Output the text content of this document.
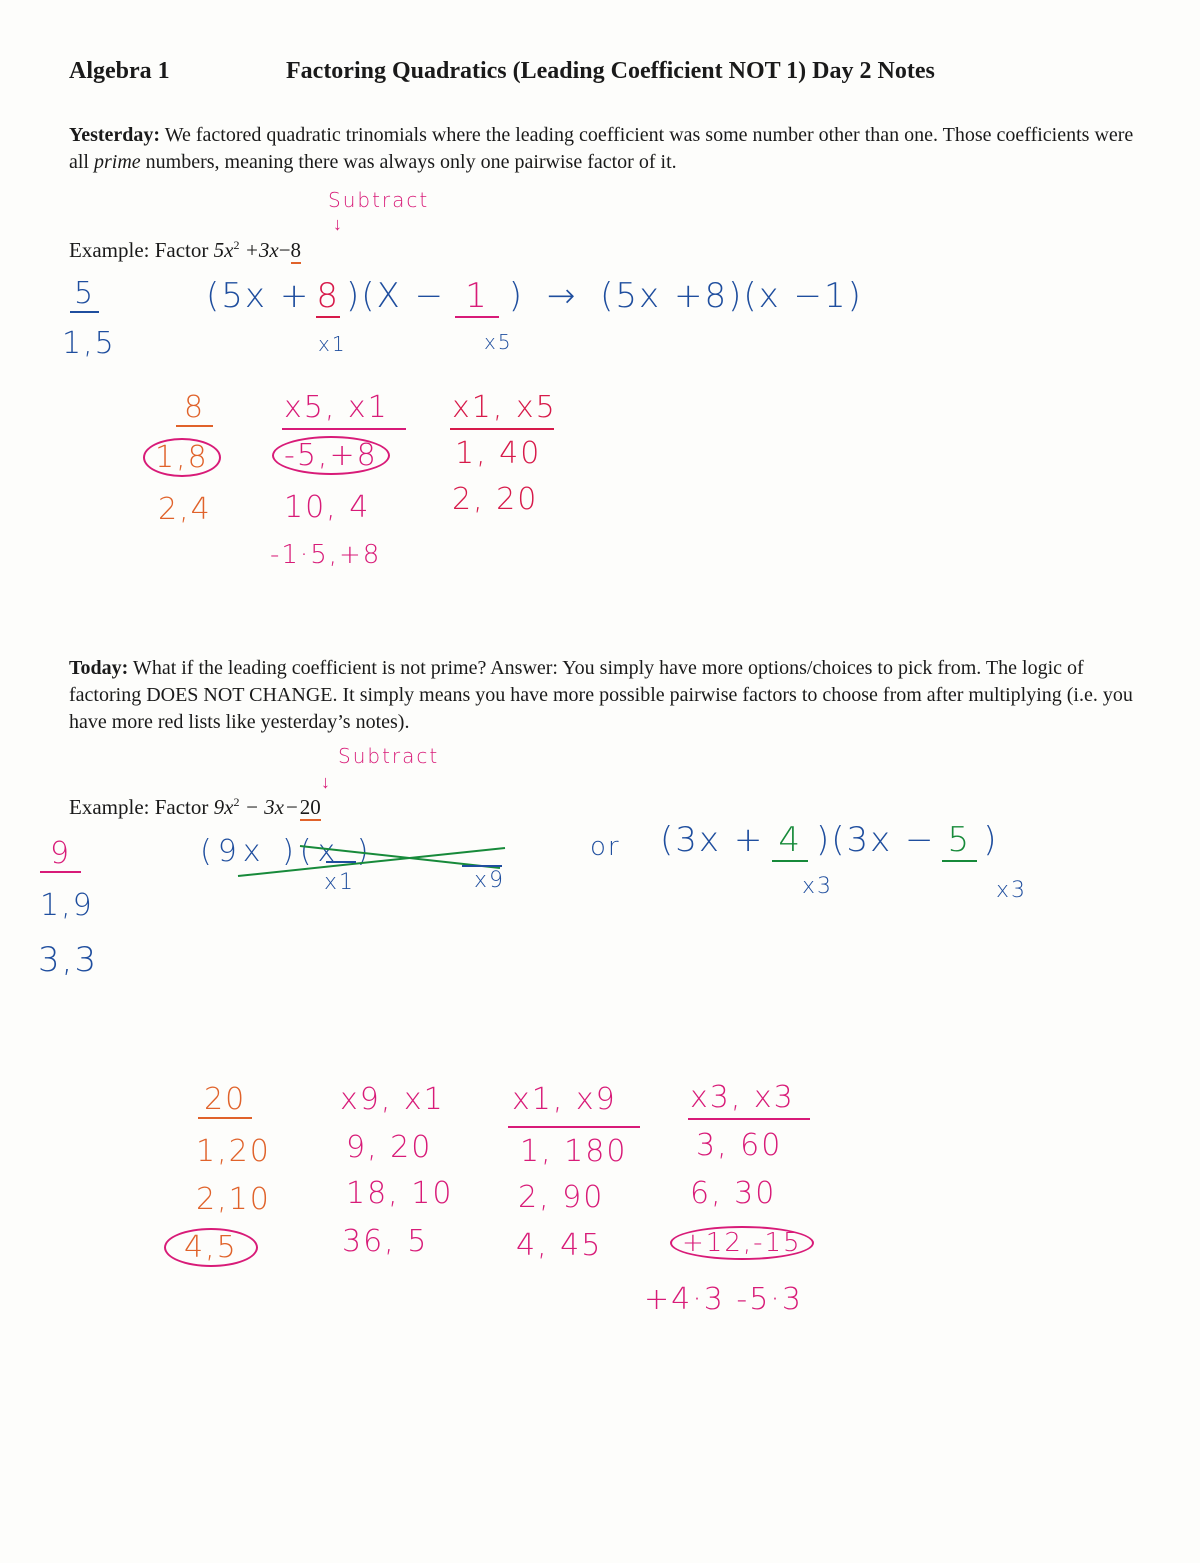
Algebra 1	Factoring Quadratics (Leading Coefficient NOT 1) Day 2 Notes
Yesterday: We factored quadratic trinomials where the leading coefficient was some number other than one. Those coefficients were all prime numbers, meaning there was always only one pairwise factor of it.
Subtract
↓
Example: Factor $5x^2 +3x-8$
5
1,5
(5x + 8 )(X − 1 ) → (5x +8)(x −1)
x1	x5
8
1,8
2,4
x5, x1
-5,+8
10, 4
-1·5,+8
x1, x5
1, 40
2, 20
Today: What if the leading coefficient is not prime? Answer: You simply have more options/choices to pick from. The logic of factoring DOES NOT CHANGE. It simply means you have more possible pairwise factors to choose from after multiplying (i.e. you have more red lists like yesterday’s notes).
Subtract
↓
Example: Factor $9x^2 - 3x-20$
9
1,9
3,3
(9x )(x )
x1	x9
or (3x + 4 )(3x − 5 )
x3	x3
20
1,20
2,10
4,5
x9, x1
9, 20
18, 10
36, 5
x1, x9
1, 180
2, 90
4, 45
x3, x3
3, 60
6, 30
+12,-15
+4·3 -5·3
